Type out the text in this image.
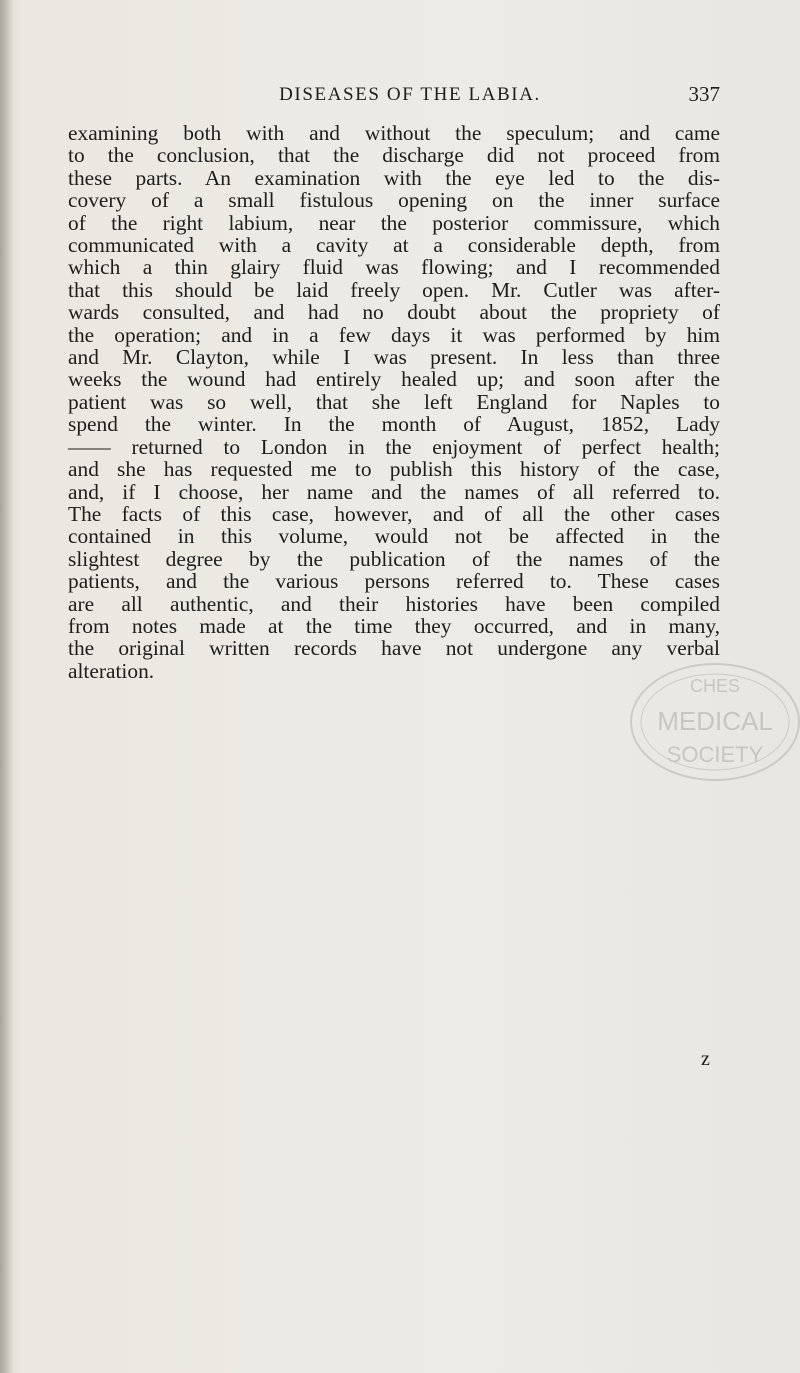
DISEASES OF THE LABIA.	337
examining both with and without the speculum; and came
to the conclusion, that the discharge did not proceed from
these parts. An examination with the eye led to the dis-
covery of a small fistulous opening on the inner surface
of the right labium, near the posterior commissure, which
communicated with a cavity at a considerable depth, from
which a thin glairy fluid was flowing; and I recommended
that this should be laid freely open. Mr. Cutler was after-
wards consulted, and had no doubt about the propriety of
the operation; and in a few days it was performed by him
and Mr. Clayton, while I was present. In less than three
weeks the wound had entirely healed up; and soon after the
patient was so well, that she left England for Naples to
spend the winter. In the month of August, 1852, Lady
—— returned to London in the enjoyment of perfect health;
and she has requested me to publish this history of the case,
and, if I choose, her name and the names of all referred to.
The facts of this case, however, and of all the other cases
contained in this volume, would not be affected in the
slightest degree by the publication of the names of the
patients, and the various persons referred to. These cases
are all authentic, and their histories have been compiled
from notes made at the time they occurred, and in many,
the original written records have not undergone any verbal
alteration.
CHES
MEDICAL
SOCIETY
z
